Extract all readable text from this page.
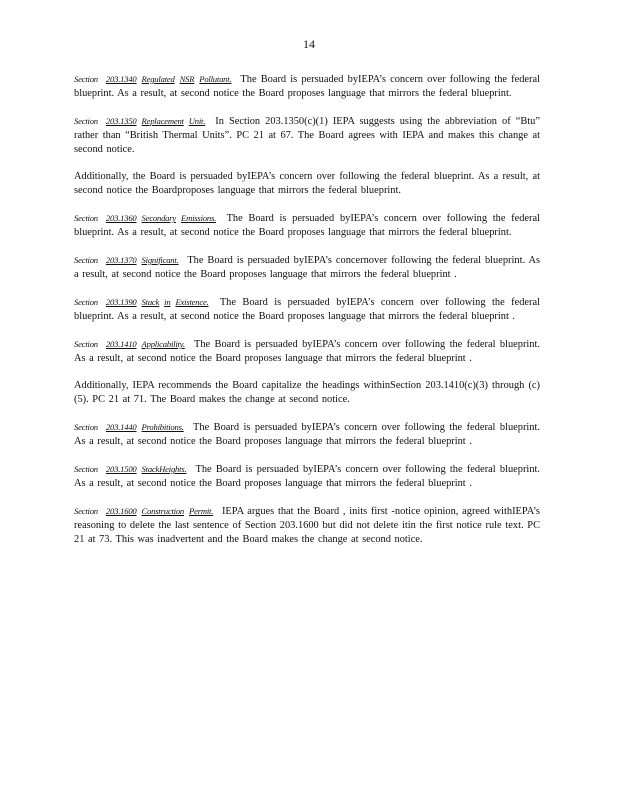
14

Section 203.1340 Regulated NSR Pollutant. The Board is persuaded byIEPA’s concern over following the federal blueprint. As a result, at second notice the Board proposes language that mirrors the federal blueprint.

Section 203.1350 Replacement Unit. In Section 203.1350(c)(1) IEPA suggests using the abbreviation of “Btu” rather than “British Thermal Units”. PC 21 at 67. The Board agrees with IEPA and makes this change at second notice.

Additionally, the Board is persuaded byIEPA’s concern over following the federal blueprint. As a result, at second notice the Boardproposes language that mirrors the federal blueprint.

Section 203.1360 Secondary Emissions. The Board is persuaded byIEPA’s concern over following the federal blueprint. As a result, at second notice the Board proposes language that mirrors the federal blueprint.

Section 203.1370 Significant. The Board is persuaded byIEPA’s concernover following the federal blueprint. As a result, at second notice the Board proposes language that mirrors the federal blueprint .

Section 203.1390 Stack in Existence. The Board is persuaded byIEPA’s concern over following the federal blueprint. As a result, at second notice the Board proposes language that mirrors the federal blueprint .

Section 203.1410 Applicability. The Board is persuaded byIEPA’s concern over following the federal blueprint. As a result, at second notice the Board proposes language that mirrors the federal blueprint .

Additionally, IEPA recommends the Board capitalize the headings withinSection 203.1410(c)(3) through (c)(5). PC 21 at 71. The Board makes the change at second notice.

Section 203.1440 Prohibitions. The Board is persuaded byIEPA’s concern over following the federal blueprint. As a result, at second notice the Board proposes language that mirrors the federal blueprint .

Section 203.1500 StackHeights. The Board is persuaded byIEPA’s concern over following the federal blueprint. As a result, at second notice the Board proposes language that mirrors the federal blueprint .

Section 203.1600 Construction Permit. IEPA argues that the Board , inits first -notice opinion, agreed withIEPA’s reasoning to delete the last sentence of Section 203.1600 but did not delete itin the first notice rule text. PC 21 at 73. This was inadvertent and the Board makes the change at second notice.
